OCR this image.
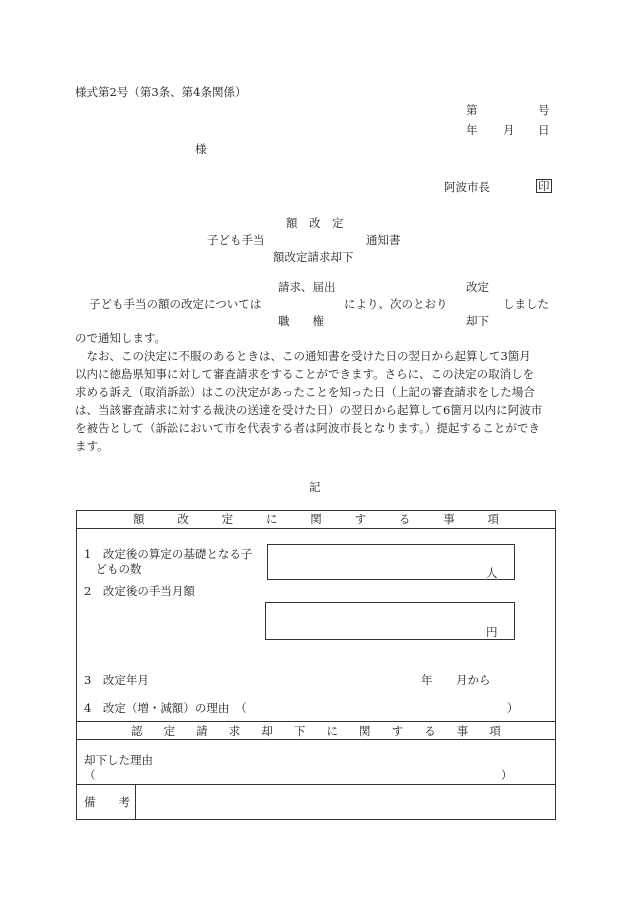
様式第2号（第3条、第4条関係）
第	号
年 月 日
様
阿波市長	印
額　改　定
子ども手当	通知書
額改定請求却下
請求、届出	改定
子ども手当の額の改定については	により、次のとおり	しました
職　　権	却下
ので通知します。
　なお、この決定に不服のあるときは、この通知書を受けた日の翌日から起算して3箇月
以内に徳島県知事に対して審査請求をすることができます。さらに、この決定の取消しを
求める訴え（取消訴訟）はこの決定があったことを知った日（上記の審査請求をした場合
は、当該審査請求に対する裁決の送達を受けた日）の翌日から起算して6箇月以内に阿波市
を被告として（訴訟において市を代表する者は阿波市長となります。）提起することができ
ます。
記
額	改	定	に	関	す	る	事	項
1　改定後の算定の基礎となる子
　どもの数	人
2　改定後の手当月額
円
3　改定年月	年 月から
4　改定（増・減額）の理由　（	）
認 定 請 求 却 下 に 関 す る 事 項
却下した理由
（	）
備　　考
